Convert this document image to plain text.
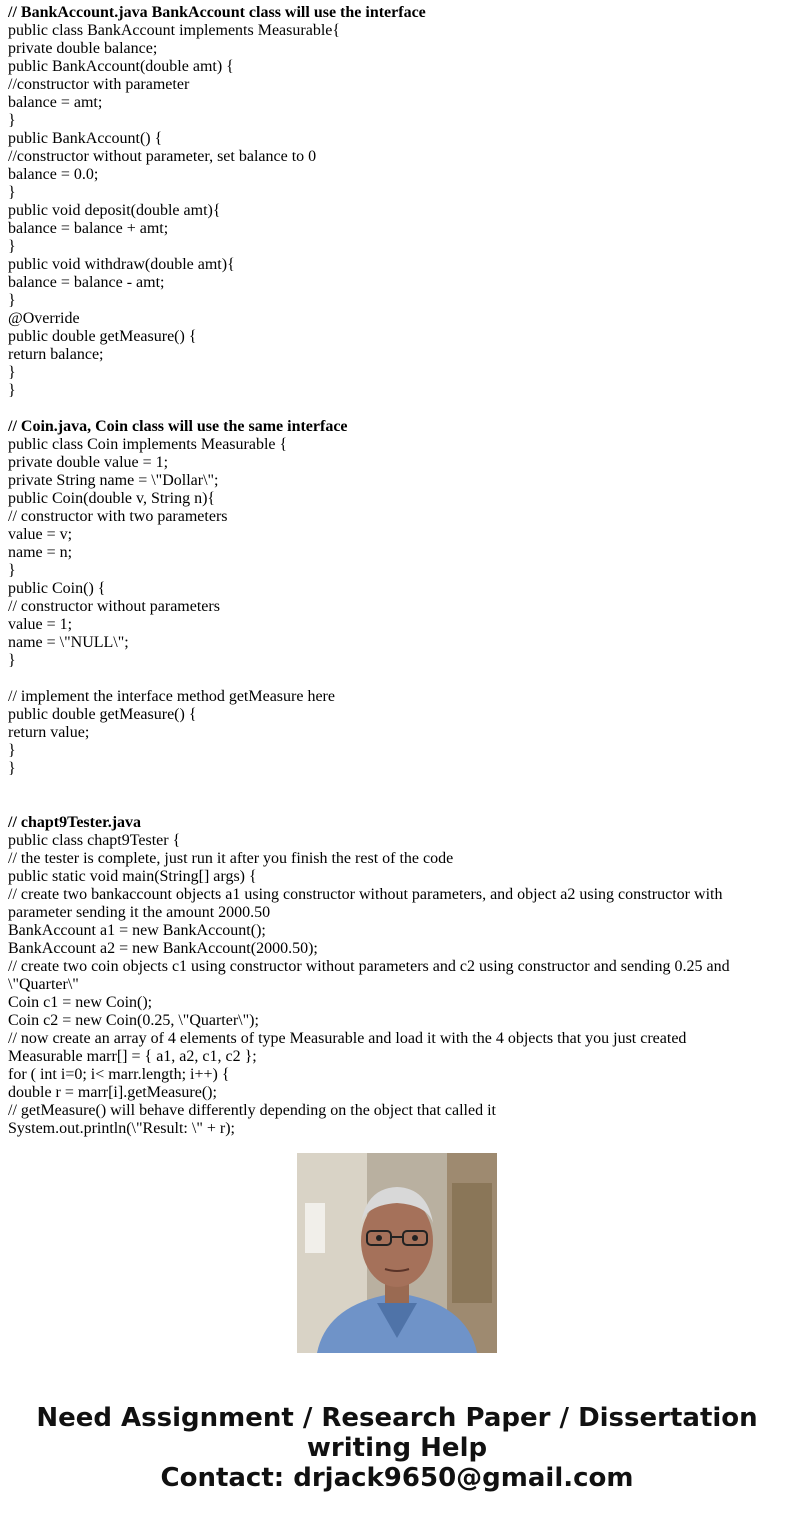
// BankAccount.java BankAccount class will use the interface
public class BankAccount implements Measurable{
private double balance;
public BankAccount(double amt) {
//constructor with parameter
balance = amt;
}
public BankAccount() {
//constructor without parameter, set balance to 0
balance = 0.0;
}
public void deposit(double amt){
balance = balance + amt;
}
public void withdraw(double amt){
balance = balance - amt;
}
@Override
public double getMeasure() {
return balance;
}
}
// Coin.java, Coin class will use the same interface
public class Coin implements Measurable {
private double value = 1;
private String name = \"Dollar\";
public Coin(double v, String n){
// constructor with two parameters
value = v;
name = n;
}
public Coin() {
// constructor without parameters
value = 1;
name = \"NULL\";
}
// implement the interface method getMeasure here
public double getMeasure() {
return value;
}
}
// chapt9Tester.java
public class chapt9Tester {
// the tester is complete, just run it after you finish the rest of the code
public static void main(String[] args) {
// create two bankaccount objects a1 using constructor without parameters, and object a2 using constructor with parameter sending it the amount 2000.50
BankAccount a1 = new BankAccount();
BankAccount a2 = new BankAccount(2000.50);
// create two coin objects c1 using constructor without parameters and c2 using constructor and sending 0.25 and \"Quarter\"
Coin c1 = new Coin();
Coin c2 = new Coin(0.25, \"Quarter\");
// now create an array of 4 elements of type Measurable and load it with the 4 objects that you just created
Measurable marr[] = { a1, a2, c1, c2 };
for ( int i=0; i< marr.length; i++) {
double r = marr[i].getMeasure();
// getMeasure() will behave differently depending on the object that called it
System.out.println(\"Result: \" + r);
Need Assignment / Research Paper / Dissertation
writing Help
Contact: drjack9650@gmail.com
